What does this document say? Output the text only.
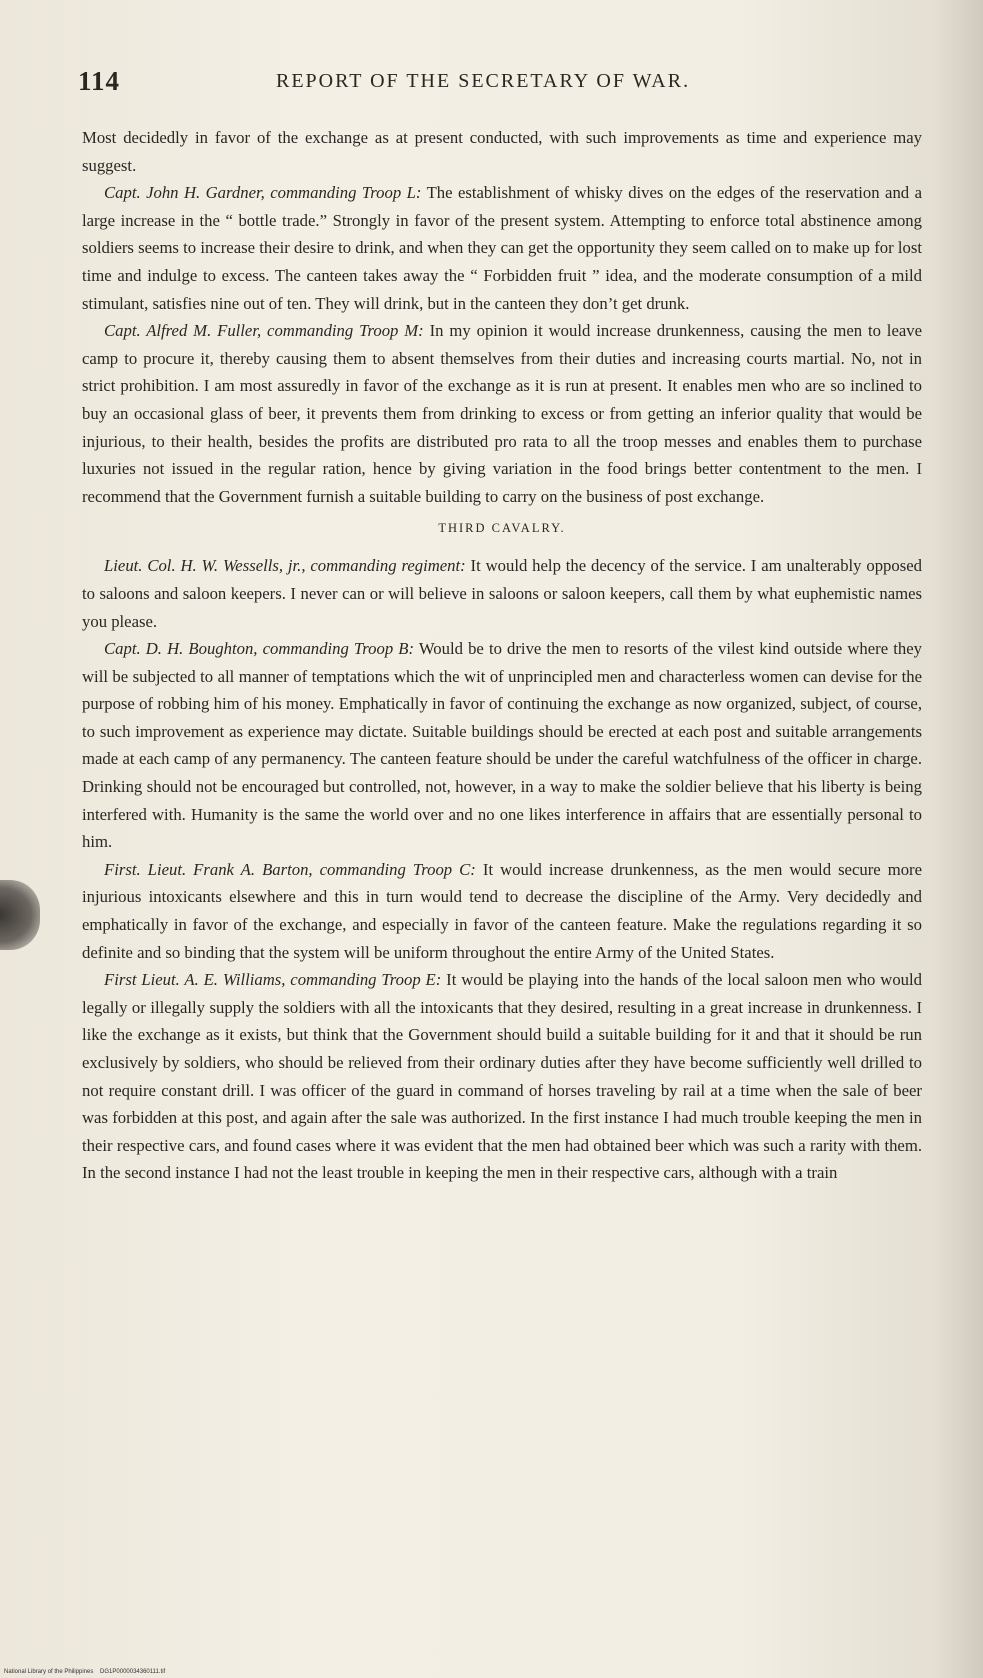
114	REPORT OF THE SECRETARY OF WAR.

Most decidedly in favor of the exchange as at present conducted, with such improvements as time and experience may suggest.

Capt. John H. Gardner, commanding Troop L: The establishment of whisky dives on the edges of the reservation and a large increase in the “ bottle trade.” Strongly in favor of the present system. Attempting to enforce total abstinence among soldiers seems to increase their desire to drink, and when they can get the opportunity they seem called on to make up for lost time and indulge to excess. The canteen takes away the “ Forbidden fruit ” idea, and the moderate consumption of a mild stimulant, satisfies nine out of ten. They will drink, but in the canteen they don’t get drunk.

Capt. Alfred M. Fuller, commanding Troop M: In my opinion it would increase drunkenness, causing the men to leave camp to procure it, thereby causing them to absent themselves from their duties and increasing courts martial. No, not in strict prohibition. I am most assuredly in favor of the exchange as it is run at present. It enables men who are so inclined to buy an occasional glass of beer, it prevents them from drinking to excess or from getting an inferior quality that would be injurious, to their health, besides the profits are distributed pro rata to all the troop messes and enables them to purchase luxuries not issued in the regular ration, hence by giving variation in the food brings better contentment to the men. I recommend that the Government furnish a suitable building to carry on the business of post exchange.

THIRD CAVALRY.

Lieut. Col. H. W. Wessells, jr., commanding regiment: It would help the decency of the service. I am unalterably opposed to saloons and saloon keepers. I never can or will believe in saloons or saloon keepers, call them by what euphemistic names you please.

Capt. D. H. Boughton, commanding Troop B: Would be to drive the men to resorts of the vilest kind outside where they will be subjected to all manner of temptations which the wit of unprincipled men and characterless women can devise for the purpose of robbing him of his money. Emphatically in favor of continuing the exchange as now organized, subject, of course, to such improvement as experience may dictate. Suitable buildings should be erected at each post and suitable arrangements made at each camp of any permanency. The canteen feature should be under the careful watchfulness of the officer in charge. Drinking should not be encouraged but controlled, not, however, in a way to make the soldier believe that his liberty is being interfered with. Humanity is the same the world over and no one likes interference in affairs that are essentially personal to him.

First. Lieut. Frank A. Barton, commanding Troop C: It would increase drunkenness, as the men would secure more injurious intoxicants elsewhere and this in turn would tend to decrease the discipline of the Army. Very decidedly and emphatically in favor of the exchange, and especially in favor of the canteen feature. Make the regulations regarding it so definite and so binding that the system will be uniform throughout the entire Army of the United States.

First Lieut. A. E. Williams, commanding Troop E: It would be playing into the hands of the local saloon men who would legally or illegally supply the soldiers with all the intoxicants that they desired, resulting in a great increase in drunkenness. I like the exchange as it exists, but think that the Government should build a suitable building for it and that it should be run exclusively by soldiers, who should be relieved from their ordinary duties after they have become sufficiently well drilled to not require constant drill. I was officer of the guard in command of horses traveling by rail at a time when the sale of beer was forbidden at this post, and again after the sale was authorized. In the first instance I had much trouble keeping the men in their respective cars, and found cases where it was evident that the men had obtained beer which was such a rarity with them. In the second instance I had not the least trouble in keeping the men in their respective cars, although with a train

National Library of the Philippines    DG1P0000034360111.tif
